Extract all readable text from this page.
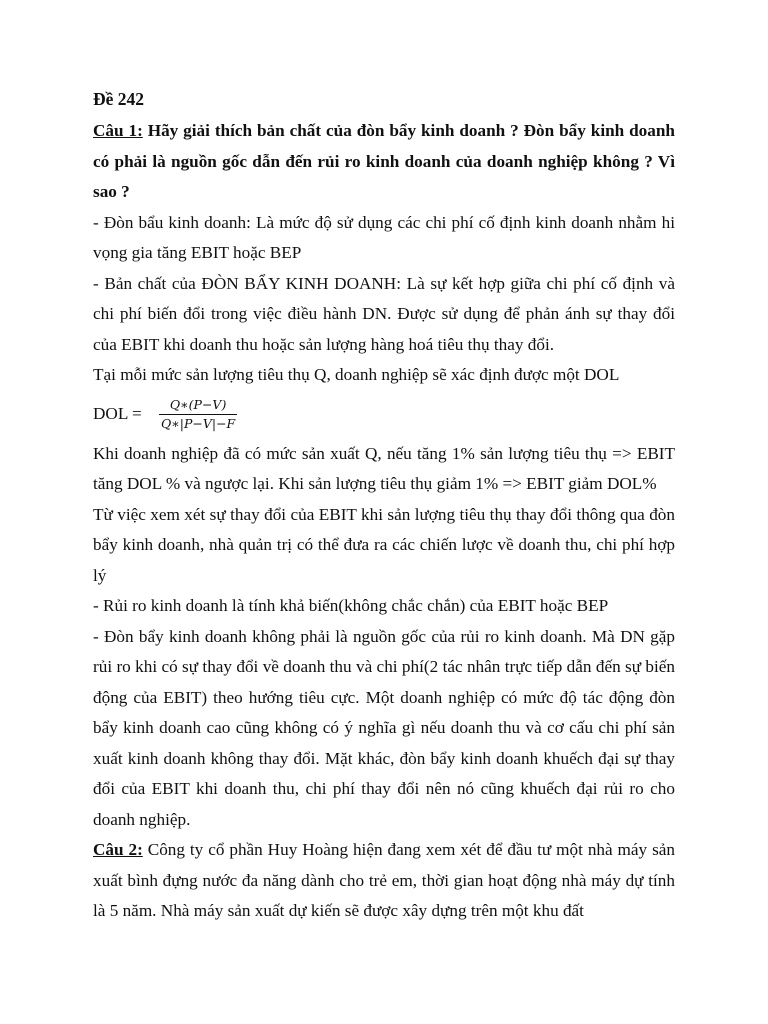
Đề 242

Câu 1: Hãy giải thích bản chất của đòn bẩy kinh doanh ? Đòn bẩy kinh doanh có phải là nguồn gốc dẫn đến rủi ro kinh doanh của doanh nghiệp không ? Vì sao ?

- Đòn bẩu kinh doanh: Là mức độ sử dụng các chi phí cố định kinh doanh nhằm hi vọng gia tăng EBIT hoặc BEP

- Bản chất của ĐÒN BẨY KINH DOANH: Là sự kết hợp giữa chi phí cố định và chi phí biến đổi trong việc điều hành DN. Được sử dụng để phản ánh sự thay đổi của EBIT khi doanh thu hoặc sản lượng hàng hoá tiêu thụ thay đổi.

Tại mỗi mức sản lượng tiêu thụ Q, doanh nghiệp sẽ xác định được một DOL

DOL =	$\frac{Q∗(P-V)}{Q∗|P-V|-F}$

Khi doanh nghiệp đã có mức sản xuất Q, nếu tăng 1% sản lượng tiêu thụ => EBIT tăng DOL % và ngược lại. Khi sản lượng tiêu thụ giảm 1% => EBIT giảm DOL%

Từ việc xem xét sự thay đổi của EBIT khi sản lượng tiêu thụ thay đổi thông qua đòn bẩy kinh doanh, nhà quản trị có thể đưa ra các chiến lược về doanh thu, chi phí hợp lý

- Rủi ro kinh doanh là tính khả biến(không chắc chắn) của EBIT hoặc BEP

- Đòn bẩy kinh doanh không phải là nguồn gốc của rủi ro kinh doanh. Mà DN gặp rủi ro khi có sự thay đổi về doanh thu và chi phí(2 tác nhân trực tiếp dẫn đến sự biến động của EBIT) theo hướng tiêu cực. Một doanh nghiệp có mức độ tác động đòn bẩy kinh doanh cao cũng không có ý nghĩa gì nếu doanh thu và cơ cấu chi phí sản xuất kinh doanh không thay đổi. Mặt khác, đòn bẩy kinh doanh khuếch đại sự thay đổi của EBIT khi doanh thu, chi phí thay đổi nên nó cũng khuếch đại rủi ro cho doanh nghiệp.

Câu 2: Công ty cổ phần Huy Hoàng hiện đang xem xét để đầu tư một nhà máy sản xuất bình đựng nước đa năng dành cho trẻ em, thời gian hoạt động nhà máy dự tính là 5 năm. Nhà máy sản xuất dự kiến sẽ được xây dựng trên một khu đất
